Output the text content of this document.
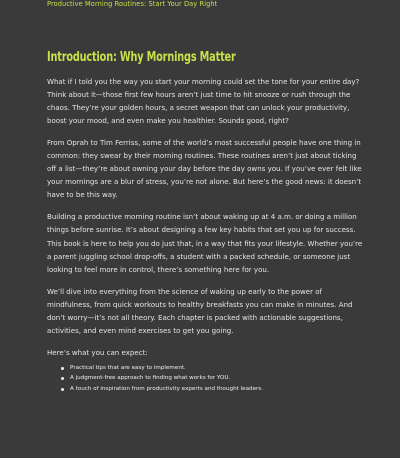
Productive Morning Routines: Start Your Day Right
Introduction: Why Mornings Matter

What if I told you the way you start your morning could set the tone for your entire day? Think about it—those first few hours aren’t just time to hit snooze or rush through the chaos. They’re your golden hours, a secret weapon that can unlock your productivity, boost your mood, and even make you healthier. Sounds good, right?

From Oprah to Tim Ferriss, some of the world’s most successful people have one thing in common: they swear by their morning routines. These routines aren’t just about ticking off a list—they’re about owning your day before the day owns you. If you’ve ever felt like your mornings are a blur of stress, you’re not alone. But here’s the good news: it doesn’t have to be this way.

Building a productive morning routine isn’t about waking up at 4 a.m. or doing a million things before sunrise. It’s about designing a few key habits that set you up for success. This book is here to help you do just that, in a way that fits your lifestyle. Whether you’re a parent juggling school drop-offs, a student with a packed schedule, or someone just looking to feel more in control, there’s something here for you.

We’ll dive into everything from the science of waking up early to the power of mindfulness, from quick workouts to healthy breakfasts you can make in minutes. And don’t worry—it’s not all theory. Each chapter is packed with actionable suggestions, activities, and even mind exercises to get you going.

Here’s what you can expect:

Practical tips that are easy to implement.
A judgment-free approach to finding what works for YOU.
A touch of inspiration from productivity experts and thought leaders.
